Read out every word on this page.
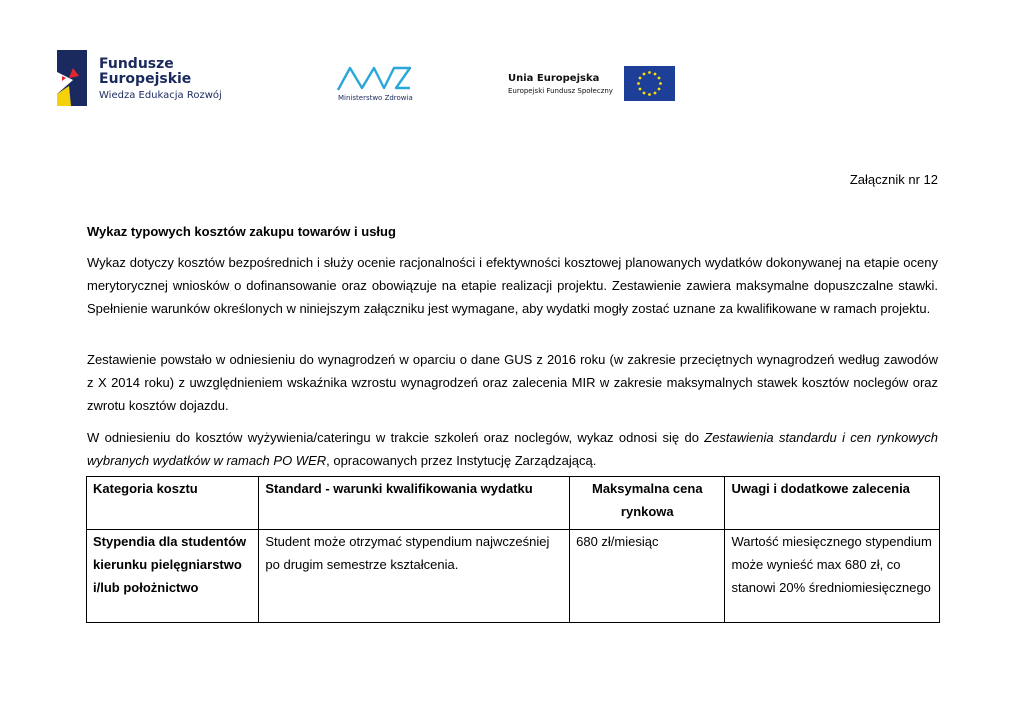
Fundusze
Europejskie
Wiedza Edukacja Rozwój	Ministerstwo Zdrowia
Unia Europejska
Europejski Fundusz Społeczny
Załącznik nr 12
Wykaz typowych kosztów zakupu towarów i usług

Wykaz dotyczy kosztów bezpośrednich i służy ocenie racjonalności i efektywności kosztowej planowanych wydatków dokonywanej na etapie oceny merytorycznej wniosków o dofinansowanie oraz obowiązuje na etapie realizacji projektu. Zestawienie zawiera maksymalne dopuszczalne stawki. Spełnienie warunków określonych w niniejszym załączniku jest wymagane, aby wydatki mogły zostać uznane za kwalifikowane w ramach projektu.

Zestawienie powstało w odniesieniu do wynagrodzeń w oparciu o dane GUS z 2016 roku (w zakresie przeciętnych wynagrodzeń według zawodów z X 2014 roku) z uwzględnieniem wskaźnika wzrostu wynagrodzeń oraz zalecenia MIR w zakresie maksymalnych stawek kosztów noclegów oraz zwrotu kosztów dojazdu.

W odniesieniu do kosztów wyżywienia/cateringu w trakcie szkoleń oraz noclegów, wykaz odnosi się do Zestawienia standardu i cen rynkowych wybranych wydatków w ramach PO WER, opracowanych przez Instytucję Zarządzającą.

Kategoria kosztu	Standard - warunki kwalifikowania wydatku	Maksymalna cena rynkowa	Uwagi i dodatkowe zalecenia
Stypendia dla studentów kierunku pielęgniarstwo i/lub położnictwo	Student może otrzymać stypendium najwcześniej po drugim semestrze kształcenia.	680 zł/miesiąc	Wartość miesięcznego stypendium może wynieść max 680 zł, co stanowi 20% średniomiesięcznego
